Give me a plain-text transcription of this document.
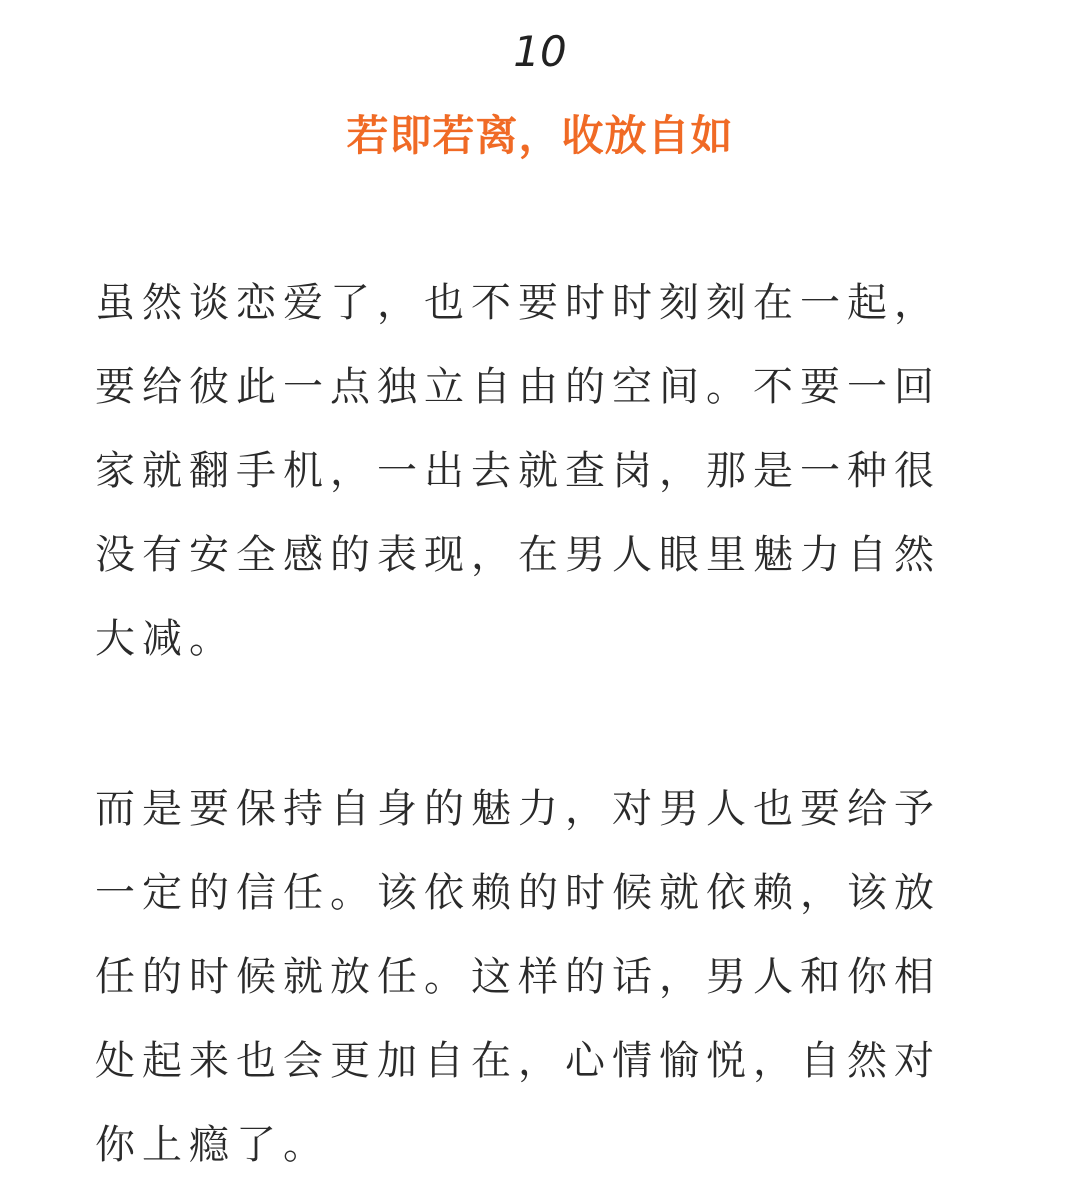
10
若即若离，收放自如
虽然谈恋爱了，也不要时时刻刻在一起，
要给彼此一点独立自由的空间。不要一回
家就翻手机，一出去就查岗，那是一种很
没有安全感的表现，在男人眼里魅力自然
大减。
而是要保持自身的魅力，对男人也要给予
一定的信任。该依赖的时候就依赖，该放
任的时候就放任。这样的话，男人和你相
处起来也会更加自在，心情愉悦，自然对
你上瘾了。
